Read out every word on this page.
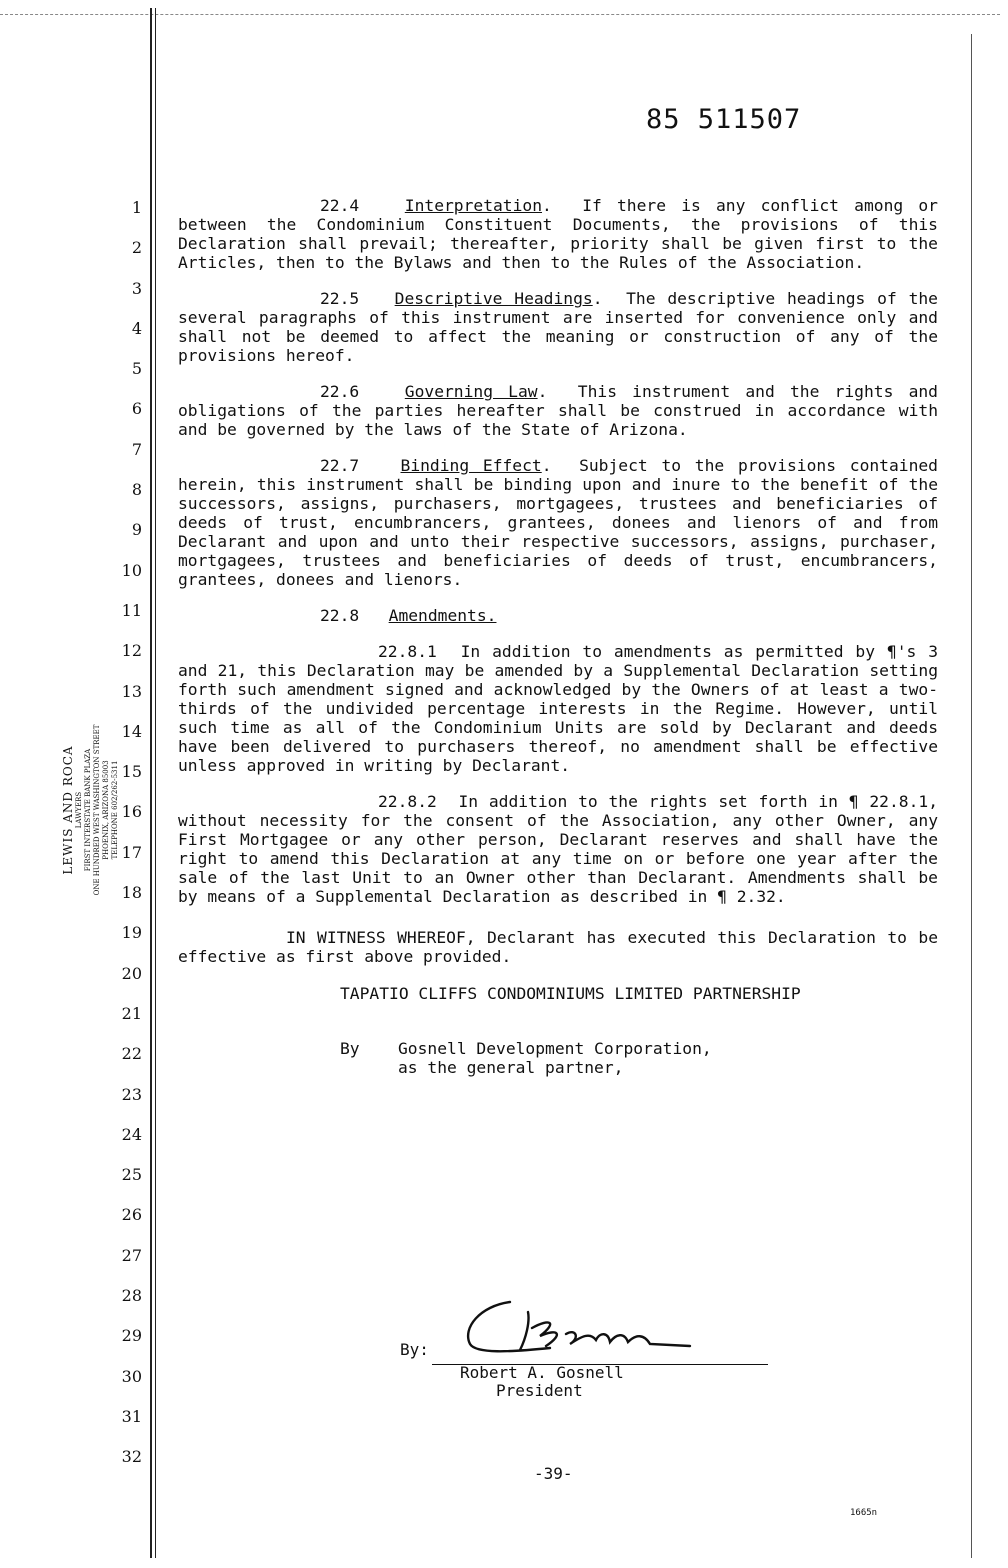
85 511507
1
2
3
4
5
6
7
8
9
10
11
12
13
14
15
16
17
18
19
20
21
22
23
24
25
26
27
28
29
30
31
32
LEWIS AND ROCA LAWYERS FIRST INTERSTATE BANK PLAZA ONE HUNDRED WEST WASHINGTON STREET PHOENIX, ARIZONA 85003 TELEPHONE 602/262-5311

22.4	Interpretation.  If there is any conflict among or between the Condominium Constituent Documents, the provisions of this Declaration shall prevail; thereafter, priority shall be given first to the Articles, then to the Bylaws and then to the Rules of the Association.

22.5 Descriptive Headings.  The descriptive headings of the several paragraphs of this instrument are inserted for convenience only and shall not be deemed to affect the meaning or construction of any of the provisions hereof.

22.6	Governing Law.  This instrument and the rights and obligations of the parties hereafter shall be construed in accordance with and be governed by the laws of the State of Arizona.

22.7	Binding Effect.  Subject to the provisions contained herein, this instrument shall be binding upon and inure to the benefit of the successors, assigns, purchasers, mortgagees, trustees and beneficiaries of deeds of trust, encumbrancers, grantees, donees and lienors of and from Declarant and upon and unto their respective successors, assigns, purchaser, mortgagees, trustees and beneficiaries of deeds of trust, encumbrancers, grantees, donees and lienors.

22.8 Amendments.

22.8.1 In addition to amendments as permitted by ¶'s 3 and 21, this Declaration may be amended by a Supplemental Declaration setting forth such amendment signed and acknowledged by the Owners of at least a two-thirds of the undivided percentage interests in the Regime. However, until such time as all of the Condominium Units are sold by Declarant and deeds have been delivered to purchasers thereof, no amendment shall be effective unless approved in writing by Declarant.

22.8.2 In addition to the rights set forth in ¶ 22.8.1, without necessity for the consent of the Association, any other Owner, any First Mortgagee or any other person, Declarant reserves and shall have the right to amend this Declaration at any time on or before one year after the sale of the last Unit to an Owner other than Declarant. Amendments shall be by means of a Supplemental Declaration as described in ¶ 2.32.

IN WITNESS WHEREOF, Declarant has executed this Declaration to be effective as first above provided.

TAPATIO CLIFFS CONDOMINIUMS LIMITED PARTNERSHIP
By	Gosnell Development Corporation,
as the general partner,
By:
Robert A. Gosnell
President
-39-
1665n
